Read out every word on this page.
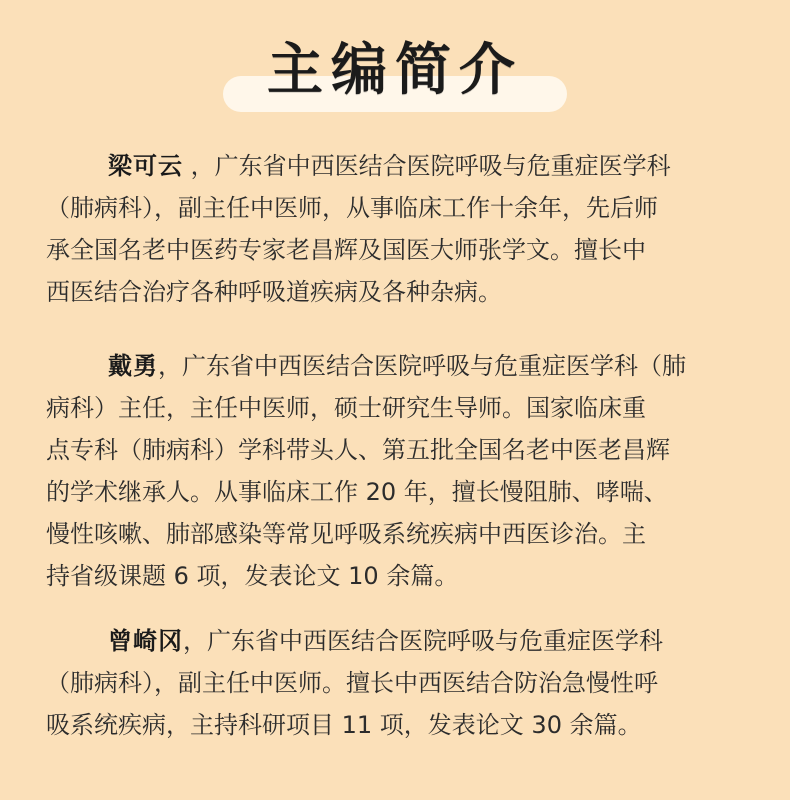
主编简介
梁可云 ，广东省中西医结合医院呼吸与危重症医学科
（肺病科），副主任中医师，从事临床工作十余年，先后师
承全国名老中医药专家老昌辉及国医大师张学文。擅长中
西医结合治疗各种呼吸道疾病及各种杂病。
戴勇，广东省中西医结合医院呼吸与危重症医学科（肺
病科）主任，主任中医师，硕士研究生导师。国家临床重
点专科（肺病科）学科带头人、第五批全国名老中医老昌辉
的学术继承人。从事临床工作 20 年，擅长慢阻肺、哮喘、
慢性咳嗽、肺部感染等常见呼吸系统疾病中西医诊治。主
持省级课题 6 项，发表论文 10 余篇。
曾崎冈，广东省中西医结合医院呼吸与危重症医学科
（肺病科），副主任中医师。擅长中西医结合防治急慢性呼
吸系统疾病，主持科研项目 11 项，发表论文 30 余篇。
